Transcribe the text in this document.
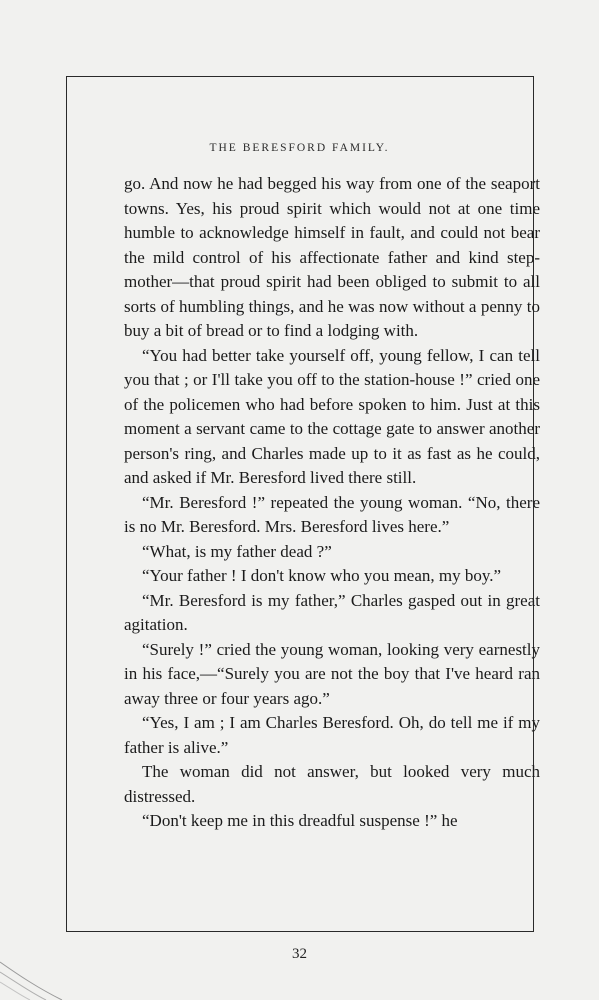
THE BERESFORD FAMILY.

go. And now he had begged his way from one of the seaport towns. Yes, his proud spirit which would not at one time humble to acknowledge himself in fault, and could not bear the mild control of his affectionate father and kind step-mother—that proud spirit had been obliged to submit to all sorts of humbling things, and he was now without a penny to buy a bit of bread or to find a lodging with.

“You had better take yourself off, young fellow, I can tell you that ; or I'll take you off to the station-house !” cried one of the policemen who had before spoken to him. Just at this moment a servant came to the cottage gate to answer another person's ring, and Charles made up to it as fast as he could, and asked if Mr. Beresford lived there still.

“Mr. Beresford !” repeated the young woman. “No, there is no Mr. Beresford. Mrs. Beresford lives here.”

“What, is my father dead ?”

“Your father ! I don't know who you mean, my boy.”

“Mr. Beresford is my father,” Charles gasped out in great agitation.

“Surely !” cried the young woman, looking very earnestly in his face,—“Surely you are not the boy that I've heard ran away three or four years ago.”

“Yes, I am ; I am Charles Beresford. Oh, do tell me if my father is alive.”

The woman did not answer, but looked very much distressed.

“Don't keep me in this dreadful suspense !” he

32
